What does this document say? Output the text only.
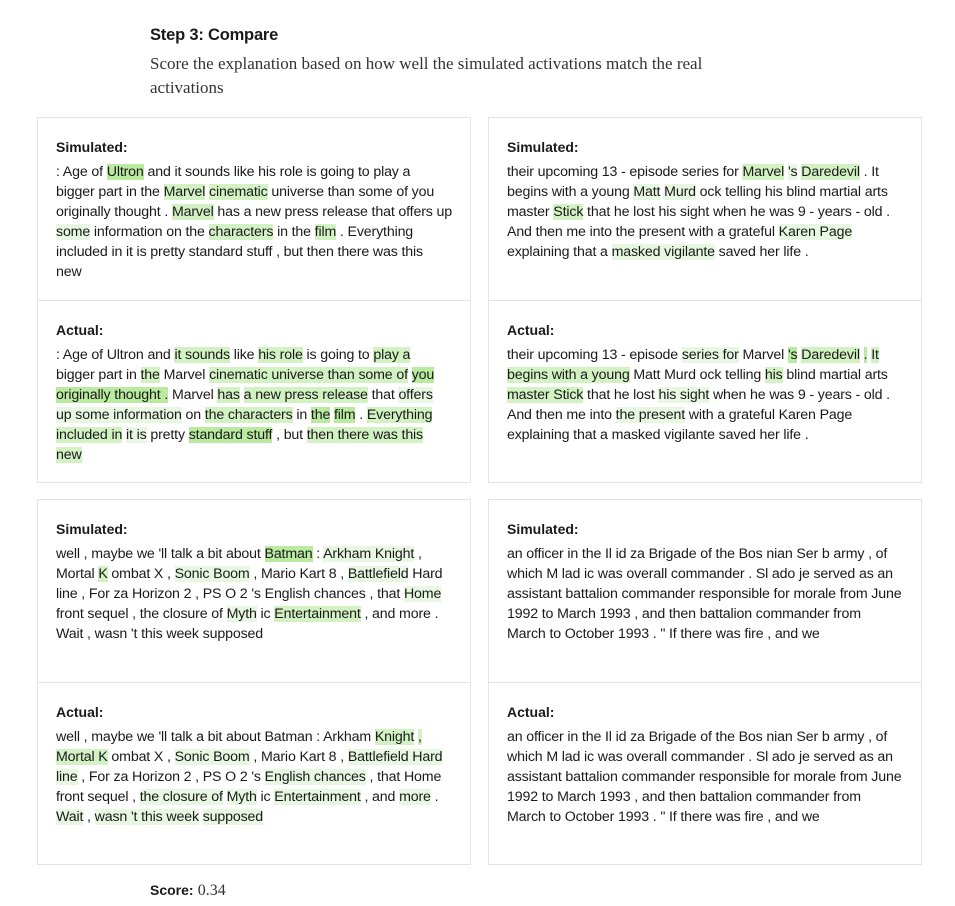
Step 3: Compare
Score the explanation based on how well the simulated activations match the real activations
Simulated:
: Age of Ultron and it sounds like his role is going to play a bigger part in the Marvel cinematic universe than some of you originally thought . Marvel has a new press release that offers up some information on the characters in the film . Everything included in it is pretty standard stuff , but then there was this new
Actual:
: Age of Ultron and it sounds like his role is going to play a bigger part in the Marvel cinematic universe than some of you originally thought . Marvel has a new press release that offers up some information on the characters in the film . Everything included in it is pretty standard stuff , but then there was this new
Simulated:
their upcoming 13 - episode series for Marvel 's Daredevil . It begins with a young Matt Murd ock telling his blind martial arts master Stick that he lost his sight when he was 9 - years - old . And then me into the present with a grateful Karen Page explaining that a masked vigilante saved her life .
Actual:
their upcoming 13 - episode series for Marvel 's Daredevil . It begins with a young Matt Murd ock telling his blind martial arts master Stick that he lost his sight when he was 9 - years - old . And then me into the present with a grateful Karen Page explaining that a masked vigilante saved her life .
Simulated:
well , maybe we 'll talk a bit about Batman : Arkham Knight , Mortal K ombat X , Sonic Boom , Mario Kart 8 , Battlefield Hard line , For za Horizon 2 , PS O 2 's English chances , that Home front sequel , the closure of Myth ic Entertainment , and more . Wait , wasn 't this week supposed
Actual:
well , maybe we 'll talk a bit about Batman : Arkham Knight , Mortal K ombat X , Sonic Boom , Mario Kart 8 , Battlefield Hard line , For za Horizon 2 , PS O 2 's English chances , that Home front sequel , the closure of Myth ic Entertainment , and more . Wait , wasn 't this week supposed
Simulated:
an officer in the Il id za Brigade of the Bos nian Ser b army , of which M lad ic was overall commander . Sl ado je served as an assistant battalion commander responsible for morale from June 1992 to March 1993 , and then battalion commander from March to October 1993 . " If there was fire , and we
Actual:
an officer in the Il id za Brigade of the Bos nian Ser b army , of which M lad ic was overall commander . Sl ado je served as an assistant battalion commander responsible for morale from June 1992 to March 1993 , and then battalion commander from March to October 1993 . " If there was fire , and we
Score: 0.34
